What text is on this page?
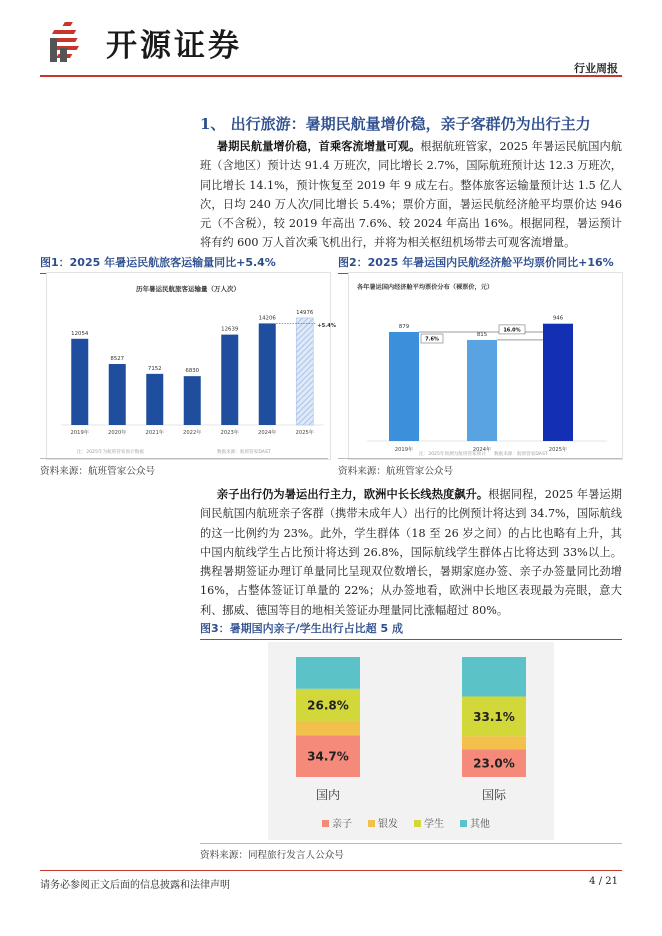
开源证券
行业周报
1、 出行旅游：暑期民航量增价稳，亲子客群仍为出行主力
  暑期民航量增价稳，首乘客流增量可观。根据航班管家，2025 年暑运民航国内航班（含地区）预计达 91.4 万班次，同比增长 2.7%，国际航班预计达 12.3 万班次，同比增长 14.1%，预计恢复至 2019 年 9 成左右。整体旅客运输量预计达 1.5 亿人次，日均 240 万人次/同比增长 5.4%；票价方面，暑运民航经济舱平均票价达 946 元（不含税），较 2019 年高出 7.6%、较 2024 年高出 16%。根据同程，暑运预计将有约 600 万人首次乘飞机出行，并将为相关枢纽机场带去可观客流增量。
图1：2025 年暑运民航旅客运输量同比+5.4%	图2：2025 年暑运国内民航经济舱平均票价同比+16%
历年暑运民航旅客运输量（万人次）
12054
2019年
8527
2020年
7152
2021年
6830
2022年
12639
2023年
14206
2024年
14976
2025年
+5.4%
注：2025年为航班管家预计数据	数据来源：航班管家DAST
资料来源：航班管家公众号
各年暑运国内经济舱平均票价分布（裸票价，元）
879
2019年
815
2024年
946
2025年
7.6%
16.0%
注：2025年预测为航班管家预计 数据来源：航班管家DAST
资料来源：航班管家公众号
  亲子出行仍为暑运出行主力，欧洲中长长线热度飙升。根据同程，2025 年暑运期间民航国内航班亲子客群（携带未成年人）出行的比例预计将达到 34.7%，国际航线的这一比例约为 23%。此外，学生群体（18 至 26 岁之间）的占比也略有上升，其中国内航线学生占比预计将达到 26.8%，国际航线学生群体占比将达到 33%以上。携程暑期签证办理订单量同比呈现双位数增长，暑期家庭办签、亲子办签量同比劲增 16%，占整体签证订单量的 22%；从办签地看，欧洲中长地区表现最为亮眼，意大利、挪威、德国等目的地相关签证办理量同比涨幅超过 80%。
图3：暑期国内亲子/学生出行占比超 5 成
34.7%
26.8%
国内
23.0%
33.1%
国际
亲子	银发	学生	其他
资料来源：同程旅行发言人公众号
请务必参阅正文后面的信息披露和法律声明	4 / 21
